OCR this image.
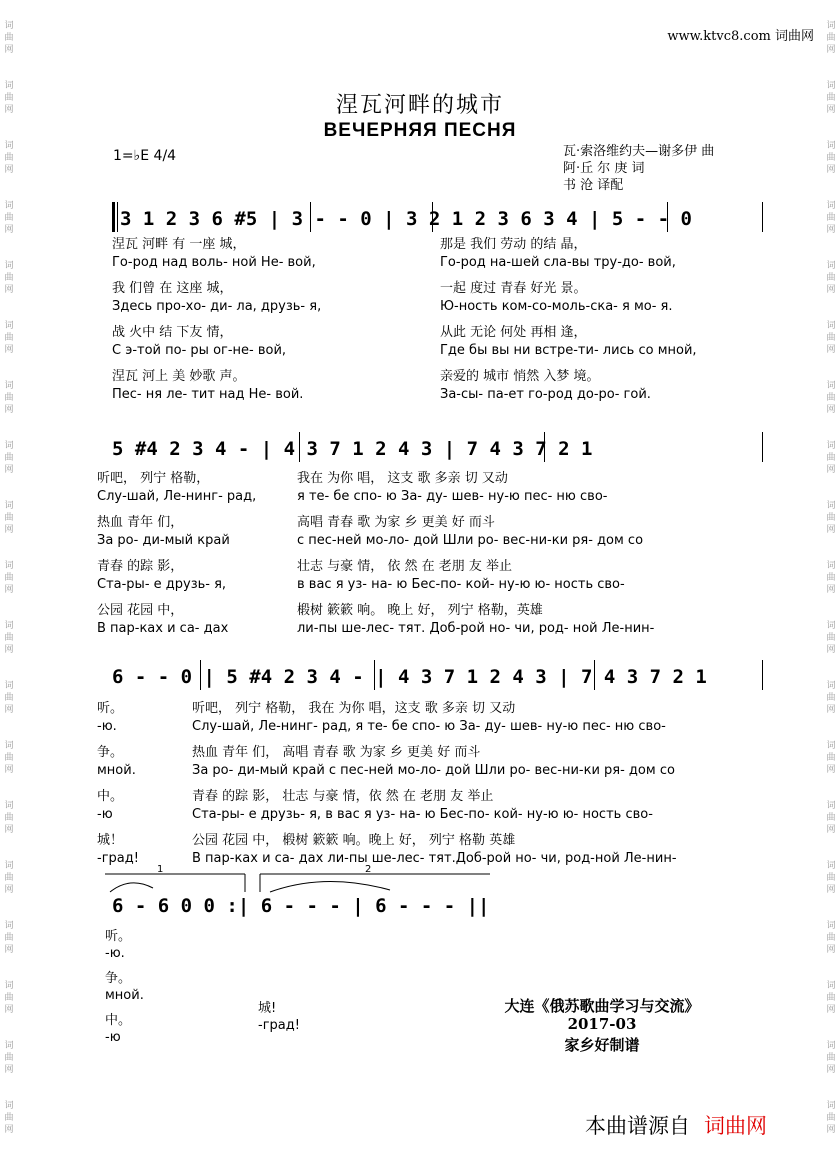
词
曲
网
词
曲
网
词
曲
网
词
曲
网
词
曲
网
词
曲
网
词
曲
网
词
曲
网
词
曲
网
词
曲
网
词
曲
网
词
曲
网
词
曲
网
词
曲
网
词
曲
网
词
曲
网
词
曲
网
词
曲
网
词
曲
网
词
曲
网
词
曲
网
词
曲
网
词
曲
网
词
曲
网
词
曲
网
词
曲
网
词
曲
网
词
曲
网
词
曲
网
词
曲
网
词
曲
网
词
曲
网
词
曲
网
词
曲
网
词
曲
网
词
曲
网
词
曲
网
词
曲
网
www.ktvc8.com 词曲网
涅瓦河畔的城市
ВЕЧЕРНЯЯ ПЕСНЯ
1=♭E 4/4	瓦·索洛维约夫—谢多伊 曲
阿·丘 尔 庚 词
书 沧 译配
3 1 2 3 6 #5 | 3 - - 0 | 3 2 1 2 3 6 3 4 | 5 - - 0
涅瓦 河畔 有 一座 城，	那是 我们 劳动 的结 晶，
Го-род над воль- ной Не- вой,	Го-род на-шей сла-вы тру-до- вой,
我 们曾 在 这座 城，	一起 度过 青春 好光 景。
Здесь про-хо- ди- ла, друзь- я,	Ю-ность ком-со-моль-ска- я мо- я.
战 火中 结 下友 情，	从此 无论 何处 再相 逢，
С э-той по- ры ог-не- вой,	Где бы вы ни встре-ти- лись со мной,
涅瓦 河上 美 妙歌 声。	亲爱的 城市 悄然 入梦 境。
Пес- ня ле- тит над Не- вой.	За-сы- па-ет го-род до-ро- гой.
5 #4 2 3 4 - | 4 3 7 1 2 4 3 | 7 4 3 7 2 1
听吧， 列宁 格勒，	我在 为你 唱， 这支 歌 多亲 切 又动
Слу-шай, Ле-нинг- рад,	я те- бе спо- ю За- ду- шев- ну-ю пес- ню сво-
热血 青年 们，	高唱 青春 歌 为家 乡 更美 好 而斗
За ро- ди-мый край	с пес-ней мо-ло- дой Шли ро- вес-ни-ки ря- дом со
青春 的踪 影，	壮志 与豪 情， 依 然 在 老朋 友 举止
Ста-ры- е друзь- я,	в вас я уз- на- ю Бес-по- кой- ну-ю ю- ность сво-
公园 花园 中，	椴树 簌簌 响。 晚上 好， 列宁 格勒，英雄
В пар-ках и са- дах	ли-пы ше-лес- тят. Доб-рой но- чи, род- ной Ле-нин-
6 - - 0 | 5 #4 2 3 4 - | 4 3 7 1 2 4 3 | 7 4 3 7 2 1
听。	听吧， 列宁 格勒， 我在 为你 唱，这支 歌 多亲 切 又动
-ю.	Слу-шай, Ле-нинг- рад, я те- бе спо- ю За- ду- шев- ну-ю пес- ню сво-
争。	热血 青年 们， 高唱 青春 歌 为家 乡 更美 好 而斗
мной.	За ро- ди-мый край с пес-ней мо-ло- дой Шли ро- вес-ни-ки ря- дом со
中。	青春 的踪 影， 壮志 与豪 情，依 然 在 老朋 友 举止
-ю	Ста-ры- е друзь- я, в вас я уз- на- ю Бес-по- кой- ну-ю ю- ность сво-
城！	公园 花园 中， 椴树 簌簌 响。晚上 好， 列宁 格勒 英雄
-град!	В пар-ках и са- дах ли-пы ше-лес- тят.Доб-рой но- чи, род-ной Ле-нин-
1	2
6 - 6 0 0 :| 6 - - - | 6 - - - ||
听。
-ю.
争。
мной.
中。
-ю
城!
-град!
大连《俄苏歌曲学习与交流》
2017-03
家乡好制谱
本曲谱源自 词曲网
